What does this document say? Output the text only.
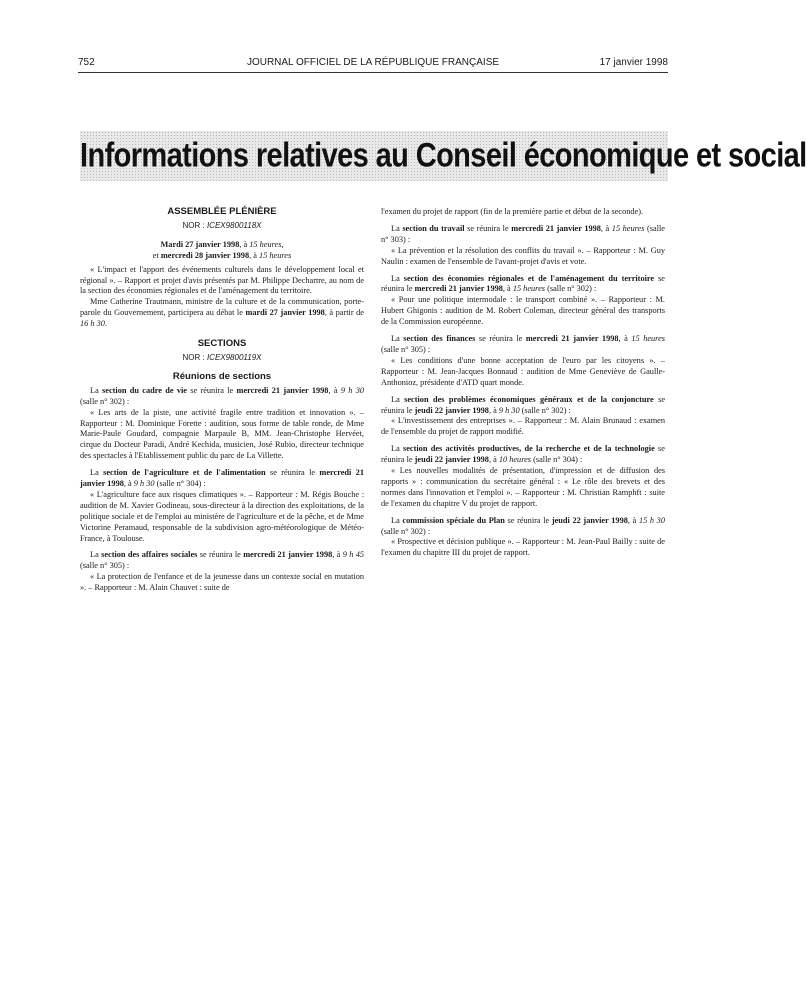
752	JOURNAL OFFICIEL DE LA RÉPUBLIQUE FRANÇAISE	17 janvier 1998
Informations relatives au Conseil économique et social
ASSEMBLÉE PLÉNIÈRE
NOR : ICEX9800118X
Mardi 27 janvier 1998, à 15 heures,
et mercredi 28 janvier 1998, à 15 heures

« L'impact et l'apport des événements culturels dans le développement local et régional ». – Rapport et projet d'avis présentés par M. Philippe Dechartre, au nom de la section des économies régionales et de l'aménagement du territoire.

Mme Catherine Trautmann, ministre de la culture et de la communication, porte-parole du Gouvernement, participera au débat le mardi 27 janvier 1998, à partir de 16 h 30.

SECTIONS
NOR : ICEX9800119X
Réunions de sections

La section du cadre de vie se réunira le mercredi 21 janvier 1998, à 9 h 30 (salle n° 302) :

« Les arts de la piste, une activité fragile entre tradition et innovation ». – Rapporteur : M. Dominique Forette : audition, sous forme de table ronde, de Mme Marie-Paule Goudard, compagnie Marpaule B, MM. Jean-Christophe Hervéet, cirque du Docteur Paradi, André Kechida, musicien, José Rubio, directeur technique des spectacles à l'Etablissement public du parc de La Villette.

La section de l'agriculture et de l'alimentation se réunira le mercredi 21 janvier 1998, à 9 h 30 (salle n° 304) :

« L'agriculture face aux risques climatiques ». – Rapporteur : M. Régis Bouche : audition de M. Xavier Godineau, sous-directeur à la direction des exploitations, de la politique sociale et de l'emploi au ministère de l'agriculture et de la pêche, et de Mme Victorine Peramaud, responsable de la subdivision agro-météorologique de Météo-France, à Toulouse.

La section des affaires sociales se réunira le mercredi 21 janvier 1998, à 9 h 45 (salle n° 305) :

« La protection de l'enfance et de la jeunesse dans un contexte social en mutation ». – Rapporteur : M. Alain Chauvet : suite de

l'examen du projet de rapport (fin de la première partie et début de la seconde).

La section du travail se réunira le mercredi 21 janvier 1998, à 15 heures (salle n° 303) :

« La prévention et la résolution des conflits du travail ». – Rapporteur : M. Guy Naulin : examen de l'ensemble de l'avant-projet d'avis et vote.

La section des économies régionales et de l'aménagement du territoire se réunira le mercredi 21 janvier 1998, à 15 heures (salle n° 302) :

« Pour une politique intermodale : le transport combiné ». – Rapporteur : M. Hubert Ghigonis : audition de M. Robert Coleman, directeur général des transports de la Commission européenne.

La section des finances se réunira le mercredi 21 janvier 1998, à 15 heures (salle n° 305) :

« Les conditions d'une bonne acceptation de l'euro par les citoyens ». – Rapporteur : M. Jean-Jacques Bonnaud : audition de Mme Geneviève de Gaulle-Anthonioz, présidente d'ATD quart monde.

La section des problèmes économiques généraux et de la conjoncture se réunira le jeudi 22 janvier 1998, à 9 h 30 (salle n° 302) :

« L'investissement des entreprises ». – Rapporteur : M. Alain Brunaud : examen de l'ensemble du projet de rapport modifié.

La section des activités productives, de la recherche et de la technologie se réunira le jeudi 22 janvier 1998, à 10 heures (salle n° 304) :

« Les nouvelles modalités de présentation, d'impression et de diffusion des rapports » : communication du secrétaire général : « Le rôle des brevets et des normes dans l'innovation et l'emploi ». – Rapporteur : M. Christian Ramphft : suite de l'examen du chapitre V du projet de rapport.

La commission spéciale du Plan se réunira le jeudi 22 janvier 1998, à 15 h 30 (salle n° 302) :

« Prospective et décision publique ». – Rapporteur : M. Jean-Paul Bailly : suite de l'examen du chapitre III du projet de rapport.
